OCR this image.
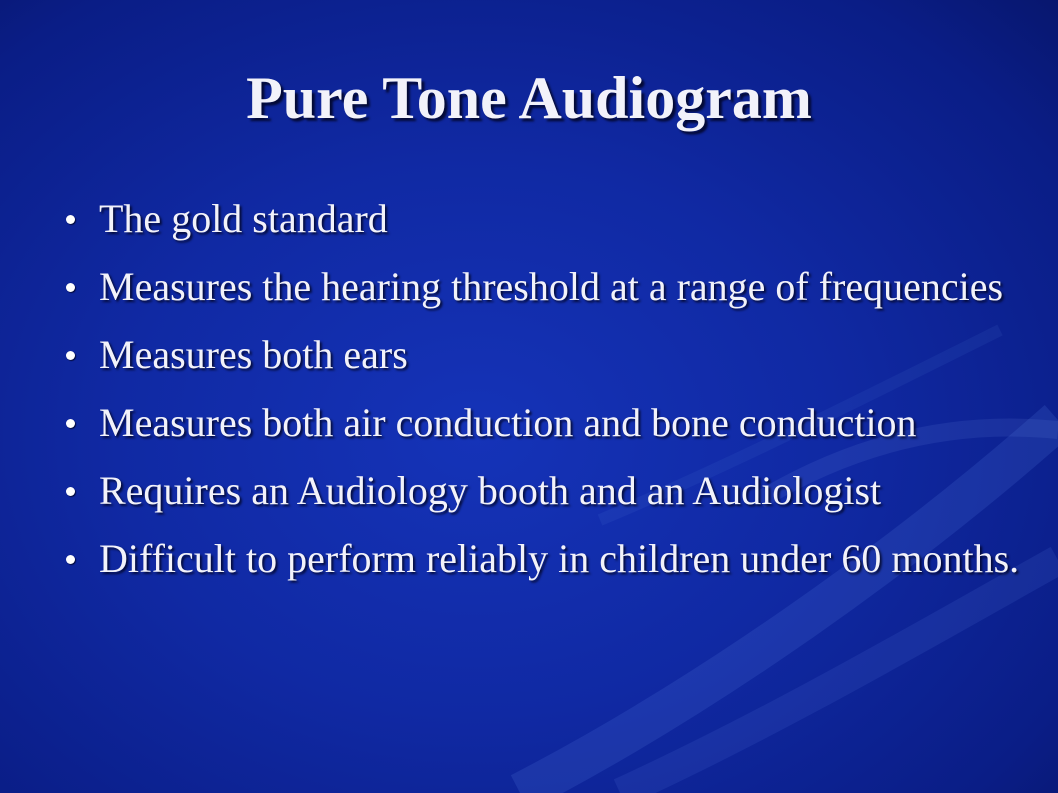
Pure Tone Audiogram
The gold standard
Measures the hearing threshold at a range of frequencies
Measures both ears
Measures both air conduction and bone conduction
Requires an Audiology booth and an Audiologist
Difficult to perform reliably in children under 60 months.
